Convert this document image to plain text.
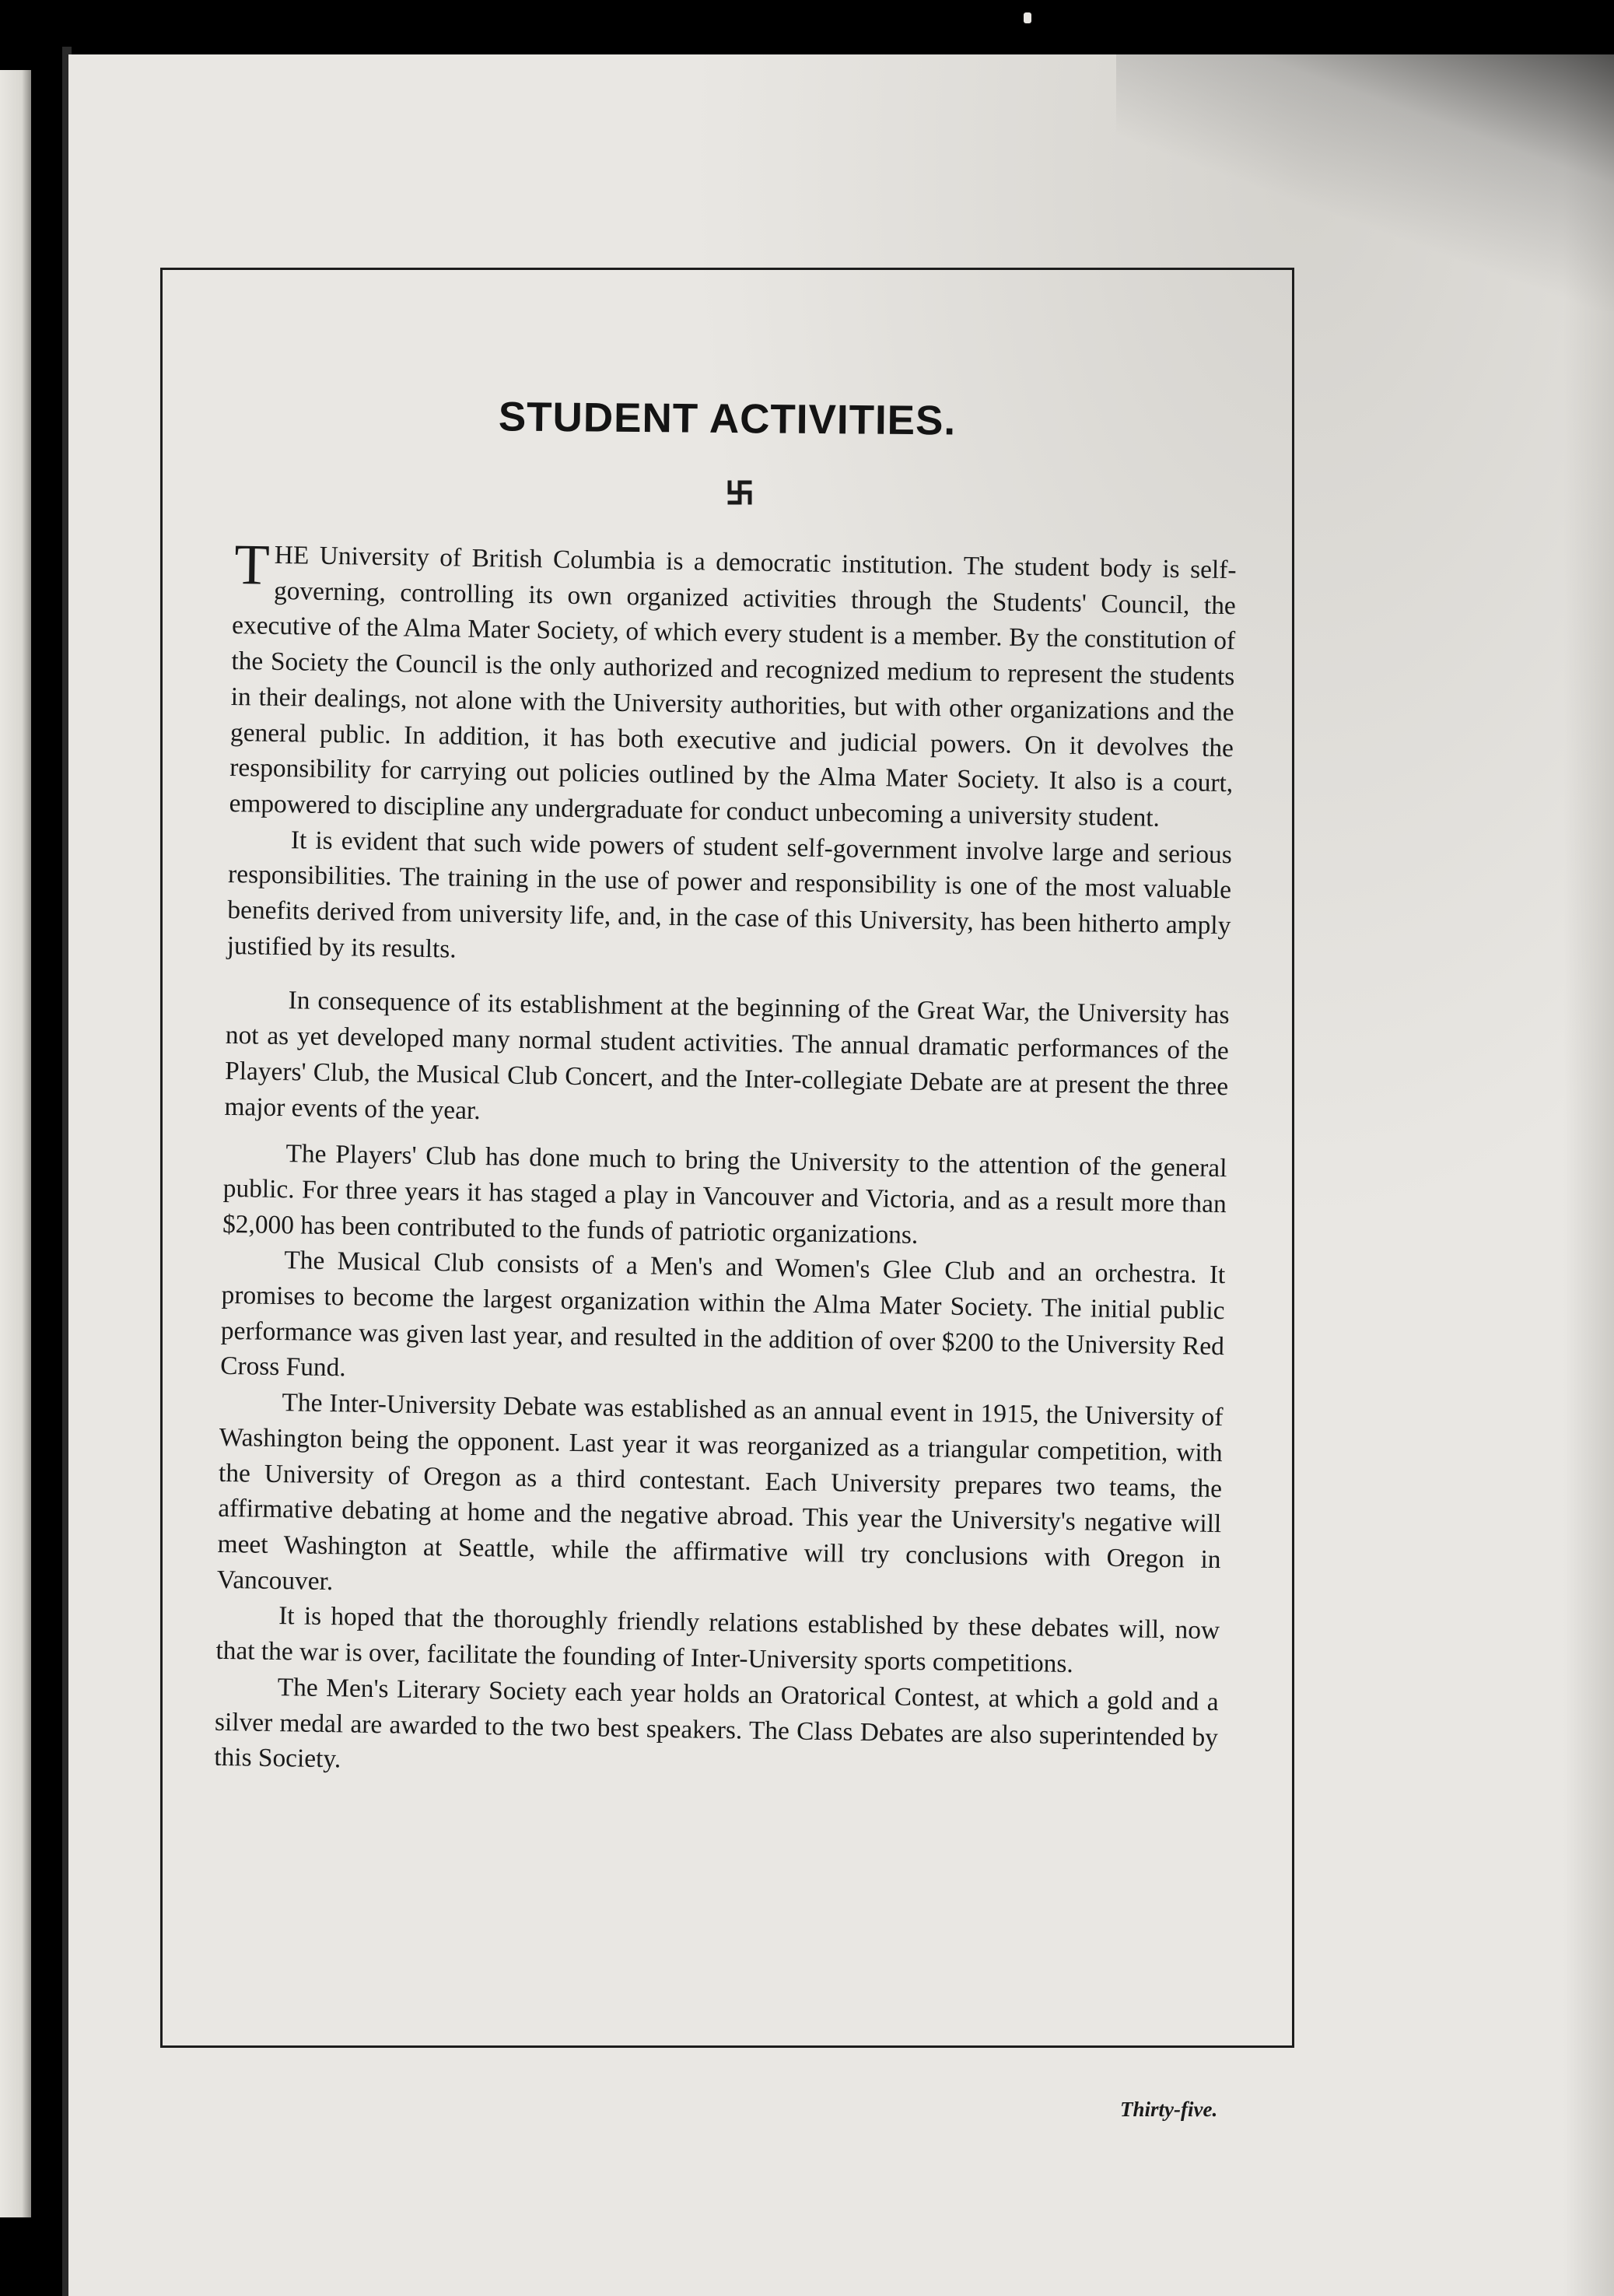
STUDENT ACTIVITIES.

THE University of British Columbia is a democratic institution. The student body is self-governing, controlling its own organized activities through the Students' Council, the executive of the Alma Mater Society, of which every student is a member. By the constitution of the Society the Council is the only authorized and recognized medium to represent the students in their dealings, not alone with the University authorities, but with other organizations and the general public. In addition, it has both executive and judicial powers. On it devolves the responsibility for carrying out policies outlined by the Alma Mater Society. It also is a court, empowered to discipline any undergraduate for conduct unbecoming a university student.

It is evident that such wide powers of student self-government involve large and serious responsibilities. The training in the use of power and responsibility is one of the most valuable benefits derived from university life, and, in the case of this University, has been hitherto amply justified by its results.

In consequence of its establishment at the beginning of the Great War, the University has not as yet developed many normal student activities. The annual dramatic performances of the Players' Club, the Musical Club Concert, and the Inter-collegiate Debate are at present the three major events of the year.

The Players' Club has done much to bring the University to the attention of the general public. For three years it has staged a play in Vancouver and Victoria, and as a result more than $2,000 has been contributed to the funds of patriotic organizations.

The Musical Club consists of a Men's and Women's Glee Club and an orchestra. It promises to become the largest organization within the Alma Mater Society. The initial public performance was given last year, and resulted in the addition of over $200 to the University Red Cross Fund.

The Inter-University Debate was established as an annual event in 1915, the University of Washington being the opponent. Last year it was reorganized as a triangular competition, with the University of Oregon as a third contestant. Each University prepares two teams, the affirmative debating at home and the negative abroad. This year the University's negative will meet Washington at Seattle, while the affirmative will try conclusions with Oregon in Vancouver.

It is hoped that the thoroughly friendly relations established by these debates will, now that the war is over, facilitate the founding of Inter-University sports competitions.

The Men's Literary Society each year holds an Oratorical Contest, at which a gold and a silver medal are awarded to the two best speakers. The Class Debates are also superintended by this Society.

Thirty-five.
